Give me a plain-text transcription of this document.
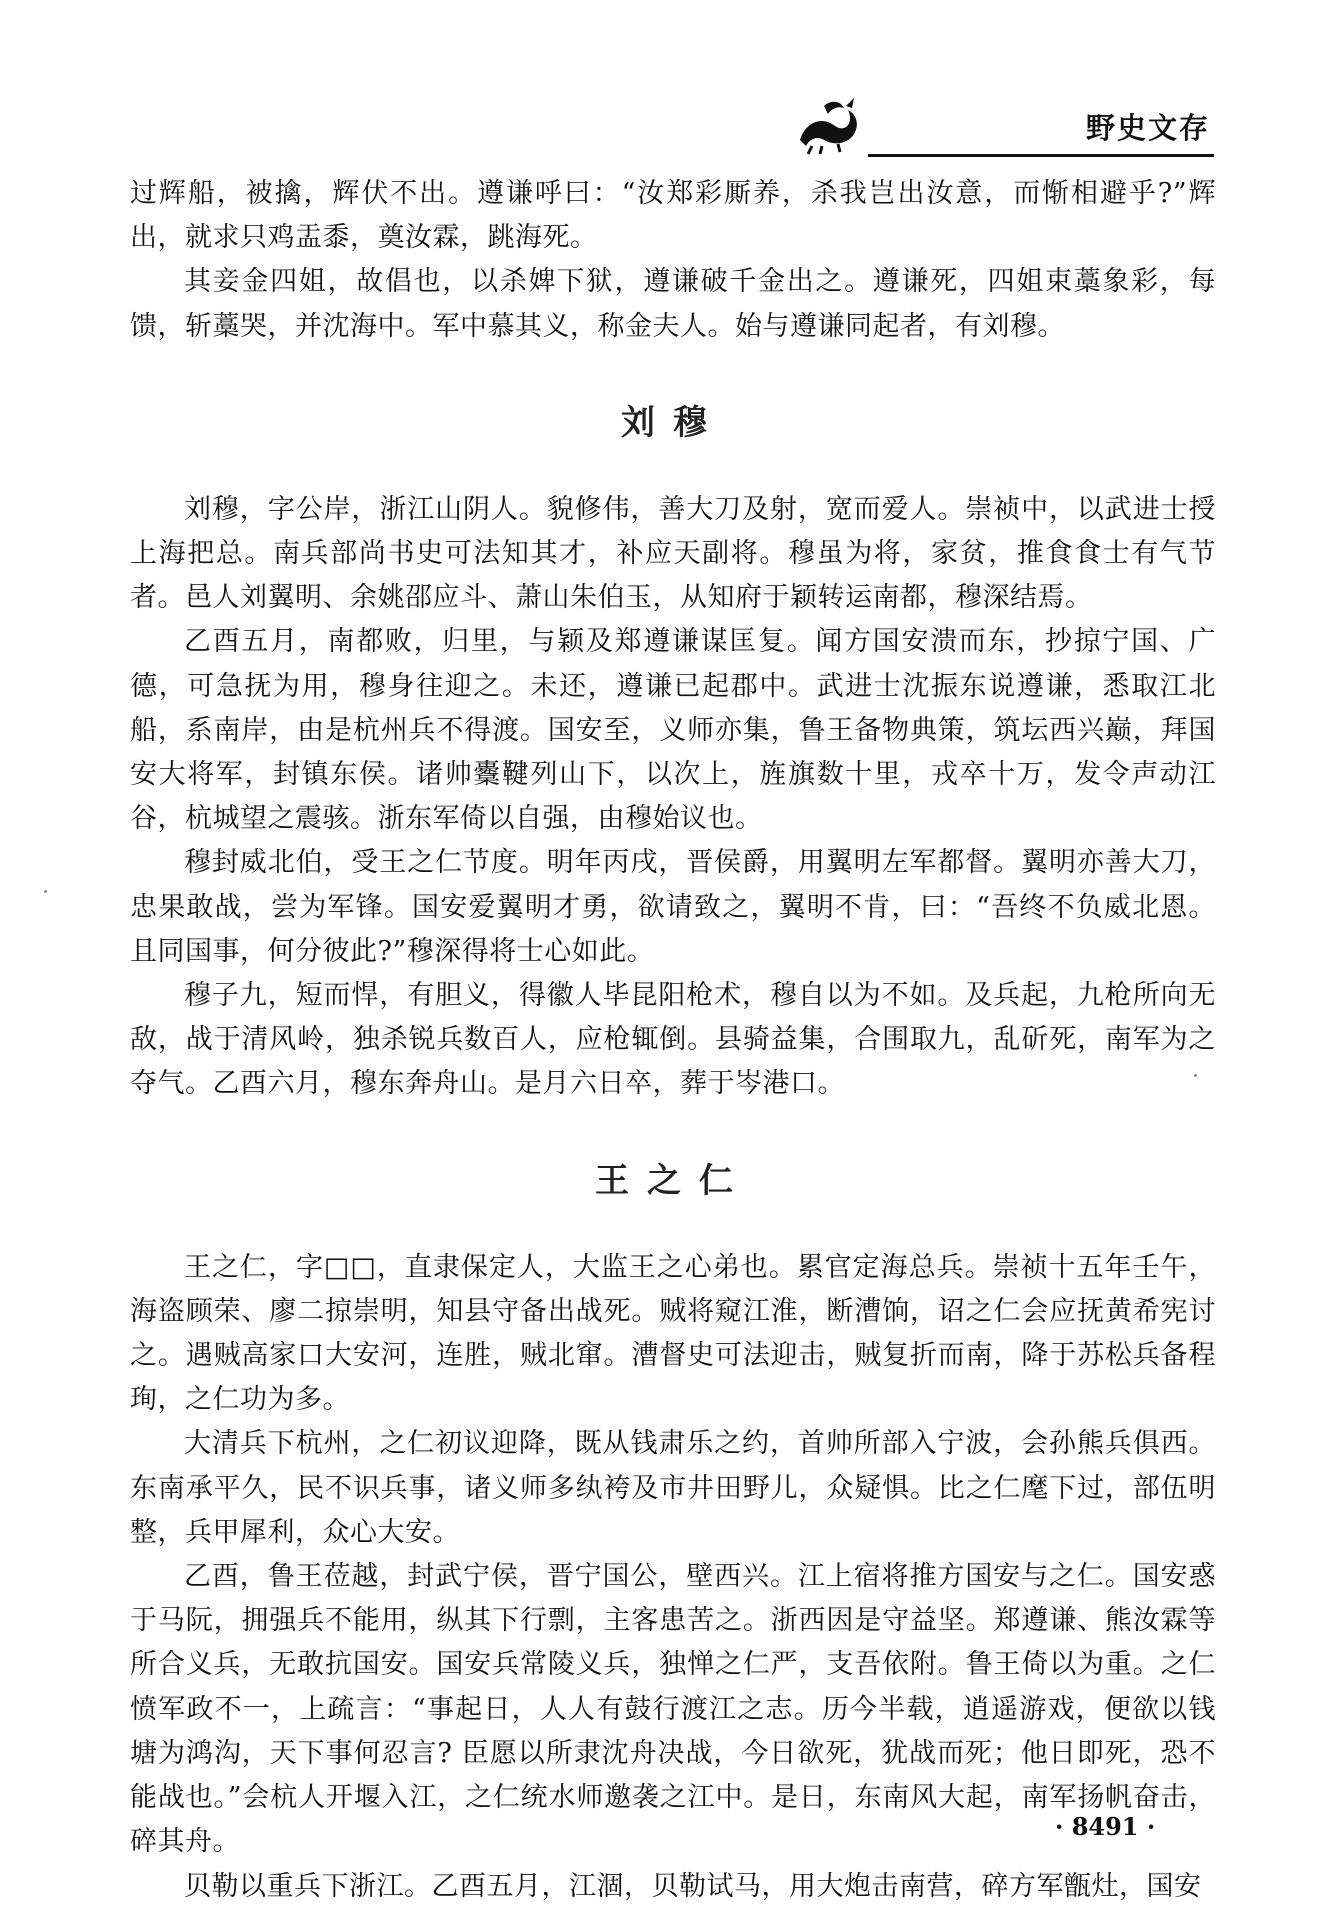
野史文存

过辉船，被擒，辉伏不出。遵谦呼曰：“汝郑彩厮养，杀我岂出汝意，而惭相避乎?”辉出，就求只鸡盂黍，奠汝霖，跳海死。

其妾金四姐，故倡也，以杀婢下狱，遵谦破千金出之。遵谦死，四姐束藁象彩，每馈，斩藁哭，并沈海中。军中慕其义，称金夫人。始与遵谦同起者，有刘穆。

刘穆

刘穆，字公岸，浙江山阴人。貌修伟，善大刀及射，宽而爱人。崇祯中，以武进士授上海把总。南兵部尚书史可法知其才，补应天副将。穆虽为将，家贫，推食食士有气节者。邑人刘翼明、余姚邵应斗、萧山朱伯玉，从知府于颖转运南都，穆深结焉。

乙酉五月，南都败，归里，与颖及郑遵谦谋匡复。闻方国安溃而东，抄掠宁国、广德，可急抚为用，穆身往迎之。未还，遵谦已起郡中。武进士沈振东说遵谦，悉取江北船，系南岸，由是杭州兵不得渡。国安至，义师亦集，鲁王备物典策，筑坛西兴巅，拜国安大将军，封镇东侯。诸帅櫜鞬列山下，以次上，旌旗数十里，戎卒十万，发令声动江谷，杭城望之震骇。浙东军倚以自强，由穆始议也。

穆封威北伯，受王之仁节度。明年丙戌，晋侯爵，用翼明左军都督。翼明亦善大刀，忠果敢战，尝为军锋。国安爱翼明才勇，欲请致之，翼明不肯，曰：“吾终不负威北恩。且同国事，何分彼此?”穆深得将士心如此。

穆子九，短而悍，有胆义，得徽人毕昆阳枪术，穆自以为不如。及兵起，九枪所向无敌，战于清风岭，独杀锐兵数百人，应枪辄倒。县骑益集，合围取九，乱斫死，南军为之夺气。乙酉六月，穆东奔舟山。是月六日卒，葬于岑港口。

王之仁

王之仁，字□□，直隶保定人，大监王之心弟也。累官定海总兵。崇祯十五年壬午，海盗顾荣、廖二掠崇明，知县守备出战死。贼将窥江淮，断漕饷，诏之仁会应抚黄希宪讨之。遇贼高家口大安河，连胜，贼北窜。漕督史可法迎击，贼复折而南，降于苏松兵备程珣，之仁功为多。

大清兵下杭州，之仁初议迎降，既从钱肃乐之约，首帅所部入宁波，会孙熊兵俱西。东南承平久，民不识兵事，诸义师多纨袴及市井田野儿，众疑惧。比之仁麾下过，部伍明整，兵甲犀利，众心大安。

乙酉，鲁王莅越，封武宁侯，晋宁国公，壁西兴。江上宿将推方国安与之仁。国安惑于马阮，拥强兵不能用，纵其下行剽，主客患苦之。浙西因是守益坚。郑遵谦、熊汝霖等所合义兵，无敢抗国安。国安兵常陵义兵，独惮之仁严，支吾依附。鲁王倚以为重。之仁愤军政不一，上疏言：“事起日，人人有鼓行渡江之志。历今半载，逍遥游戏，便欲以钱塘为鸿沟，天下事何忍言? 臣愿以所隶沈舟决战，今日欲死，犹战而死；他日即死，恐不能战也。”会杭人开堰入江，之仁统水师邀袭之江中。是日，东南风大起，南军扬帆奋击，碎其舟。

贝勒以重兵下浙江。乙酉五月，江涸，贝勒试马，用大炮击南营，碎方军甑灶，国安

· 8491 ·
